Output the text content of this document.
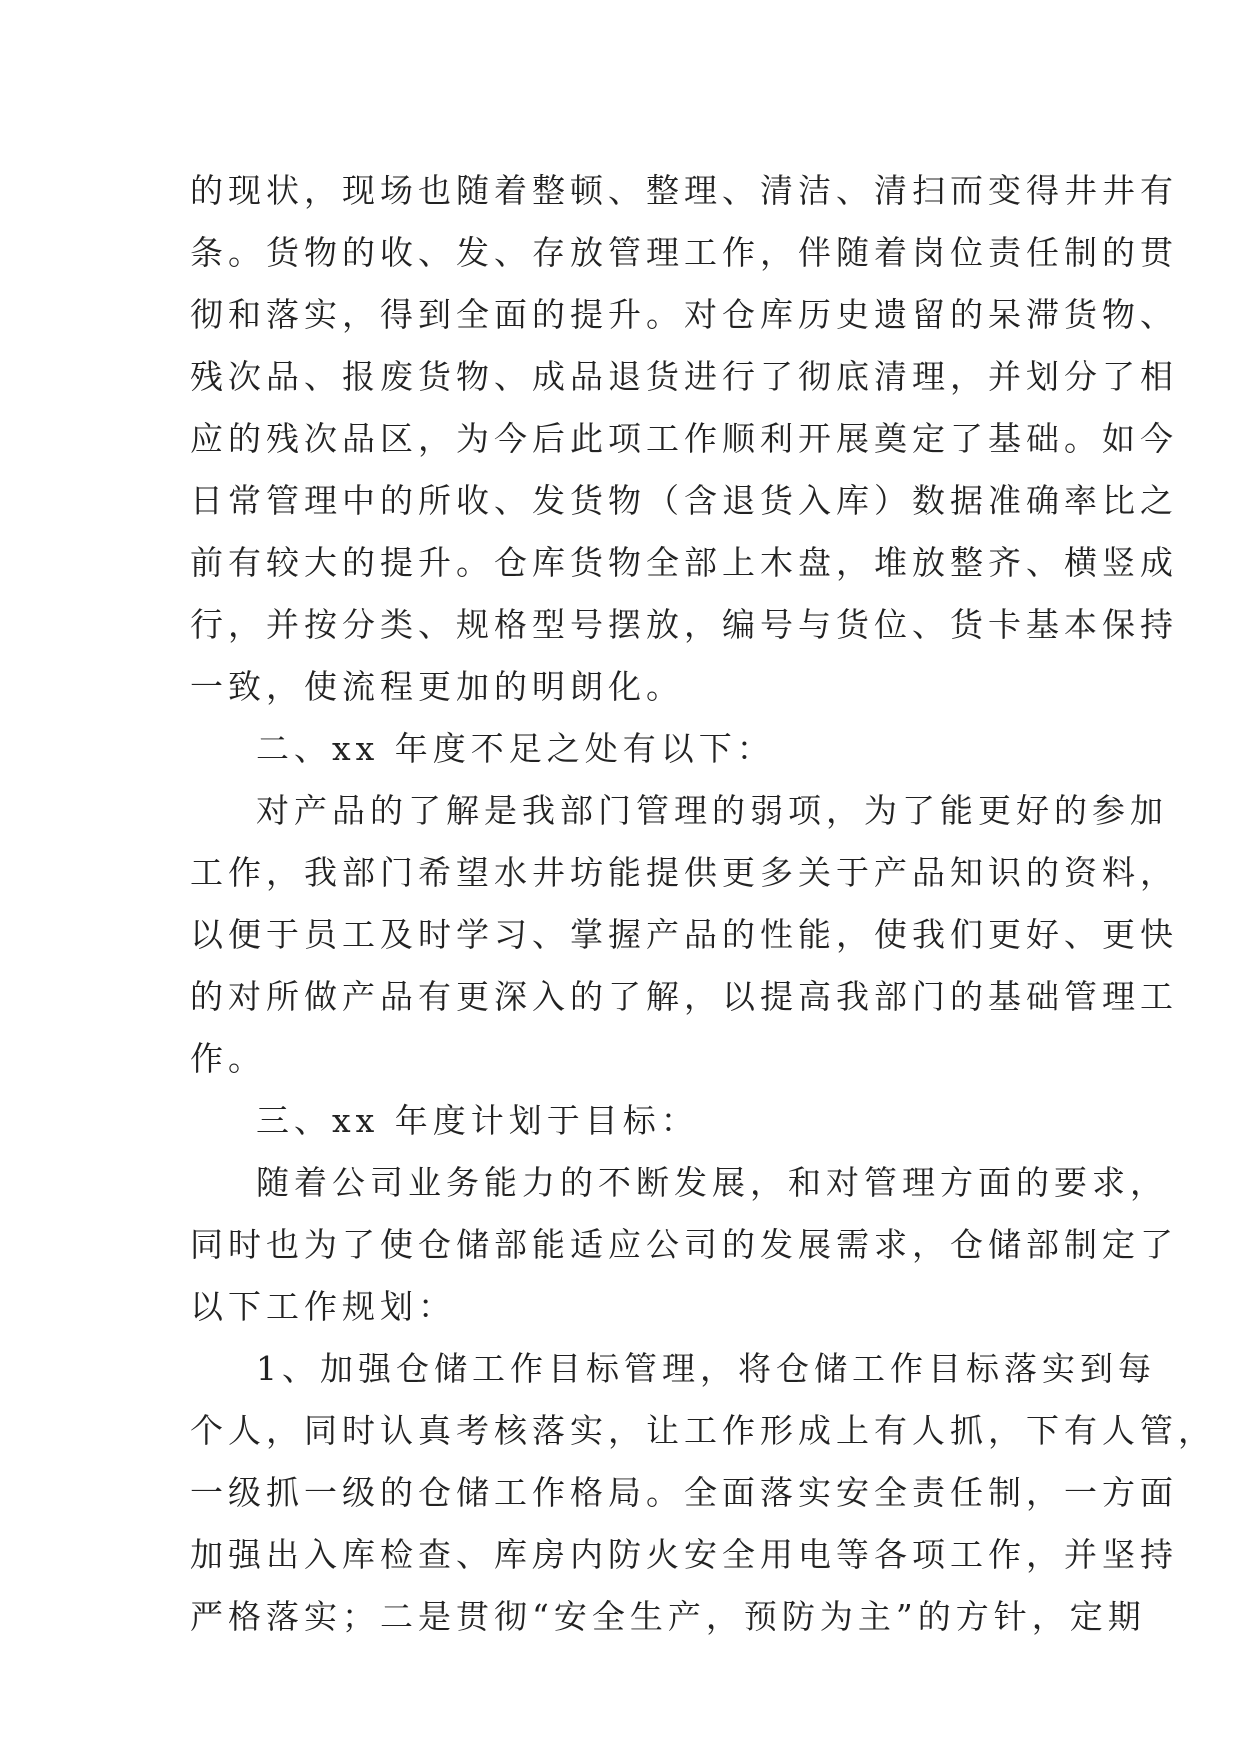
的现状，现场也随着整顿、整理、清洁、清扫而变得井井有
条。货物的收、发、存放管理工作，伴随着岗位责任制的贯
彻和落实，得到全面的提升。对仓库历史遗留的呆滞货物、
残次品、报废货物、成品退货进行了彻底清理，并划分了相
应的残次品区，为今后此项工作顺利开展奠定了基础。如今
日常管理中的所收、发货物（含退货入库）数据准确率比之
前有较大的提升。仓库货物全部上木盘，堆放整齐、横竖成
行，并按分类、规格型号摆放，编号与货位、货卡基本保持
一致，使流程更加的明朗化。
二、xx 年度不足之处有以下：
对产品的了解是我部门管理的弱项，为了能更好的参加
工作，我部门希望水井坊能提供更多关于产品知识的资料，
以便于员工及时学习、掌握产品的性能，使我们更好、更快
的对所做产品有更深入的了解，以提高我部门的基础管理工
作。
三、xx 年度计划于目标：
随着公司业务能力的不断发展，和对管理方面的要求，
同时也为了使仓储部能适应公司的发展需求，仓储部制定了
以下工作规划：
1、加强仓储工作目标管理，将仓储工作目标落实到每
个人，同时认真考核落实，让工作形成上有人抓，下有人管，
一级抓一级的仓储工作格局。全面落实安全责任制，一方面
加强出入库检查、库房内防火安全用电等各项工作，并坚持
严格落实；二是贯彻“安全生产，预防为主”的方针，定期
